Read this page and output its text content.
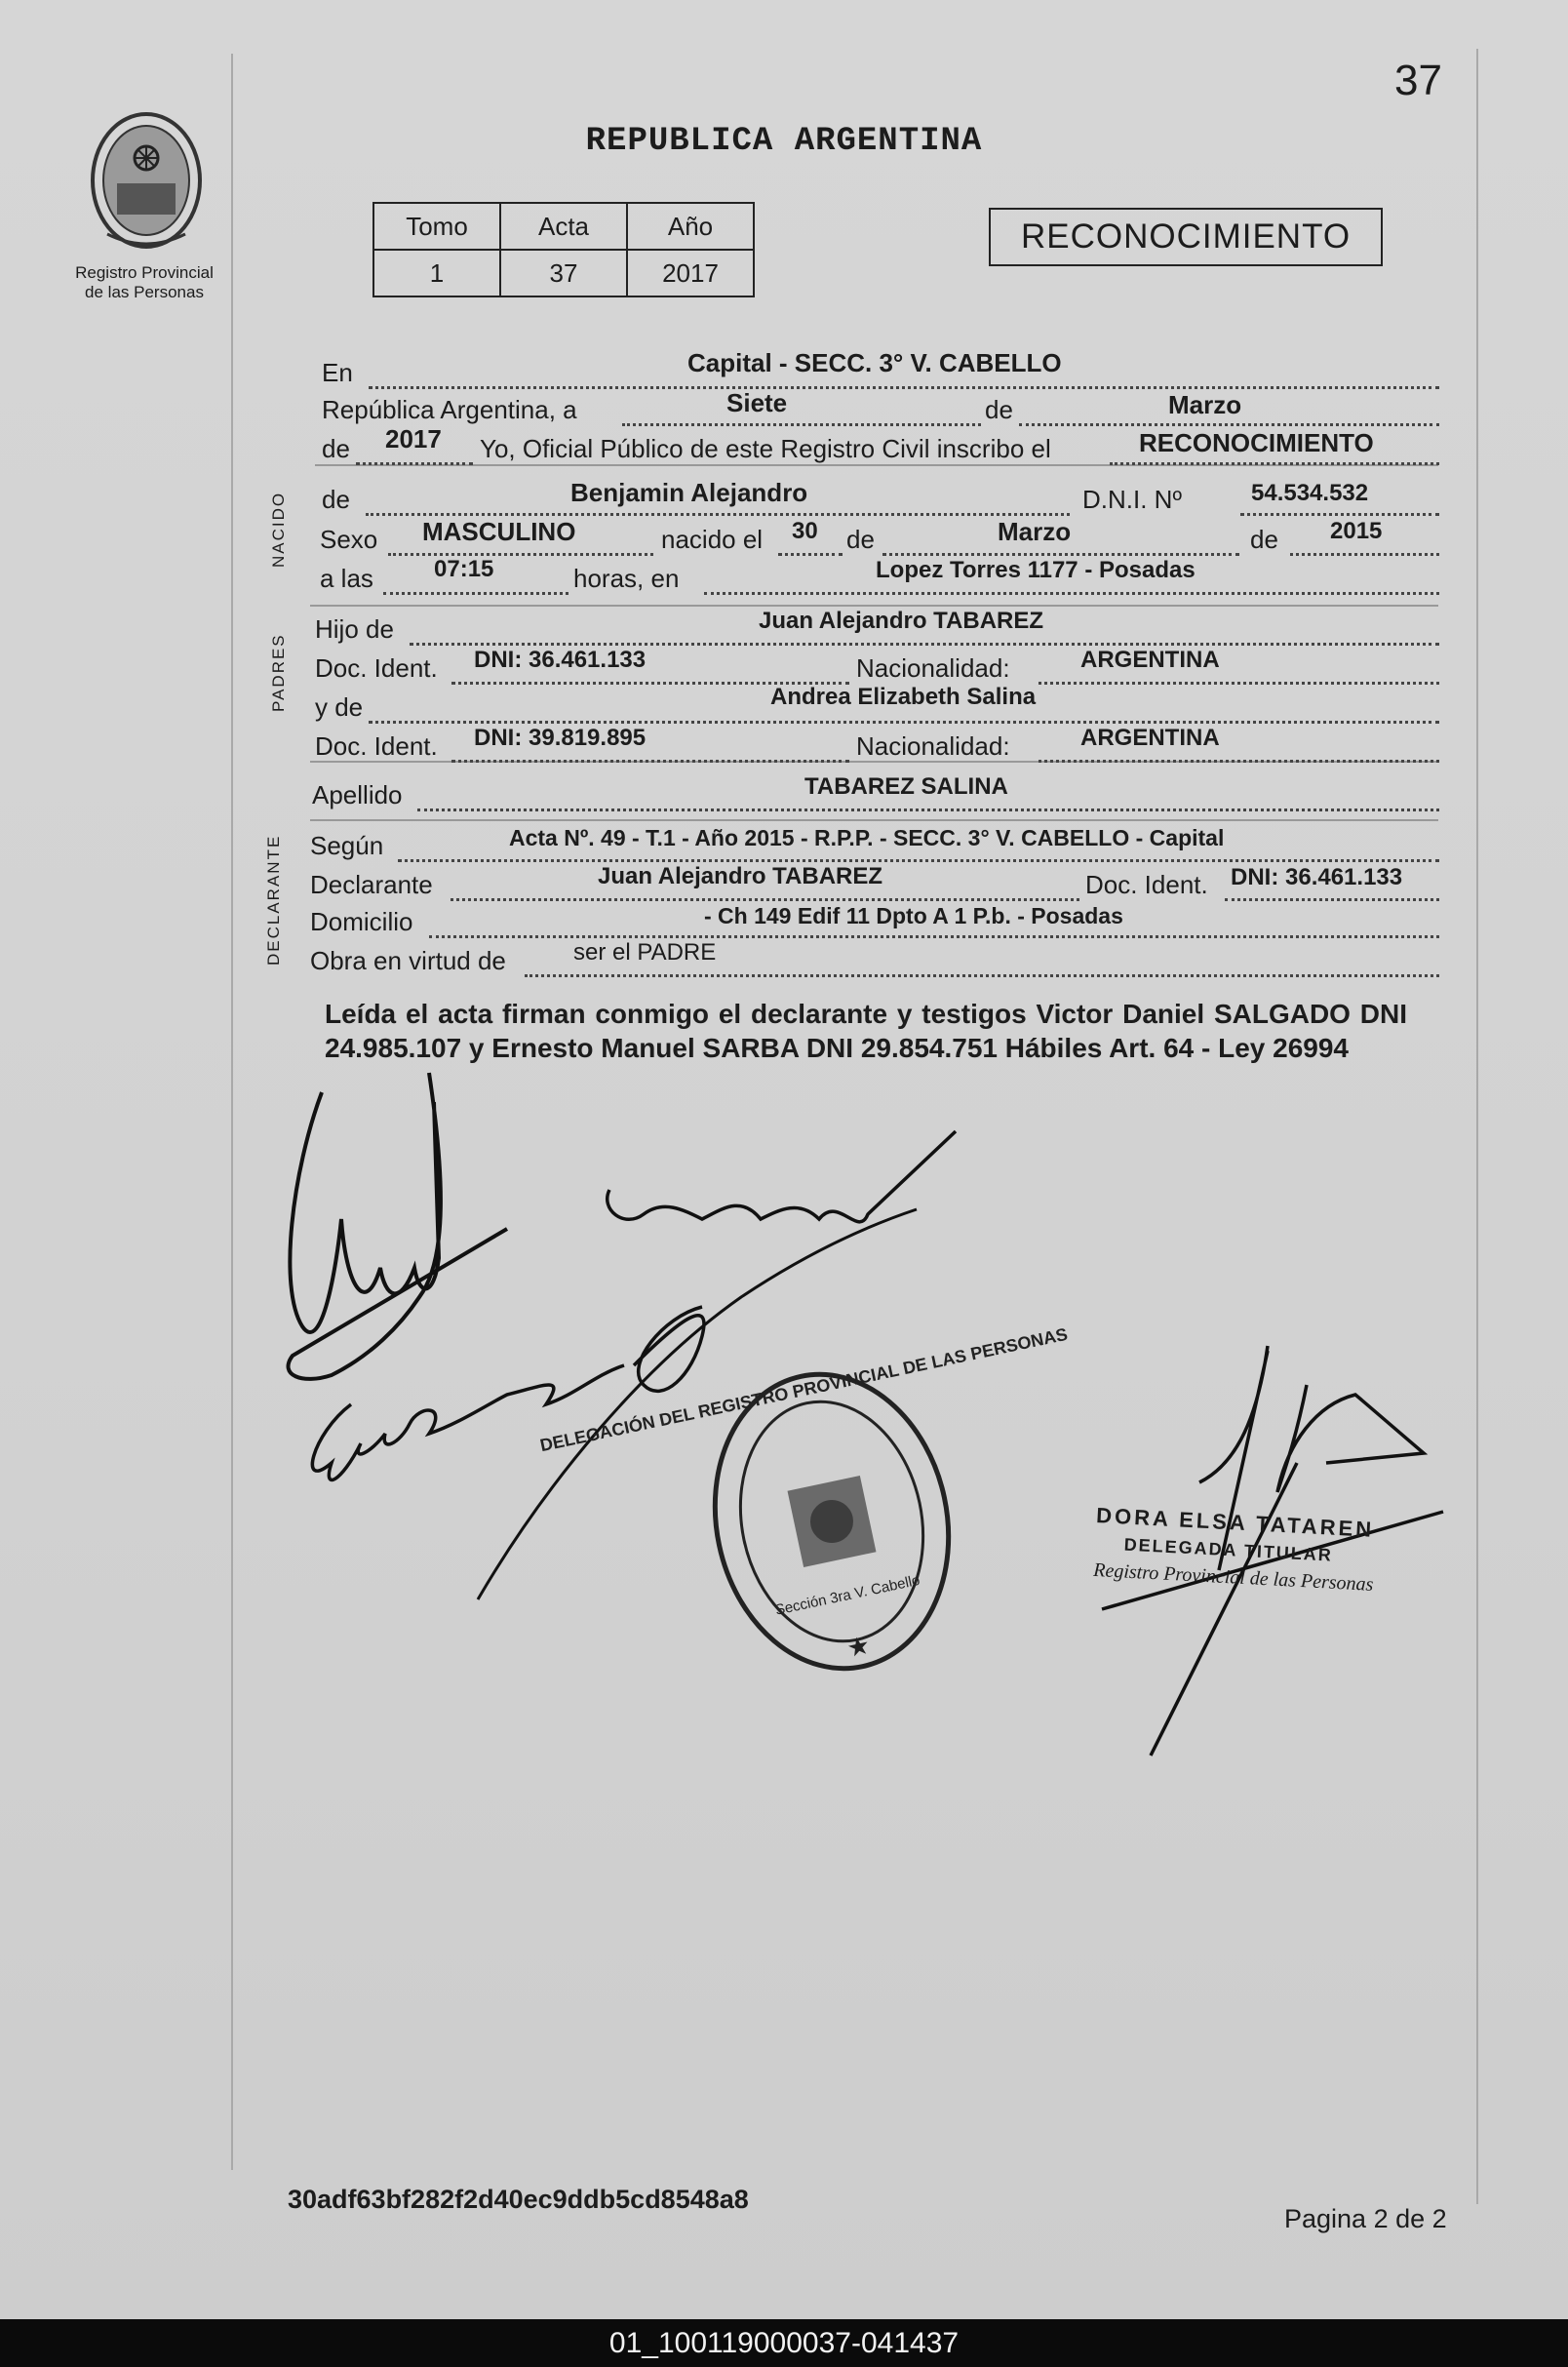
37
Registro Provincial
de las Personas
REPUBLICA ARGENTINA
Tomo	Acta	Año
1	37	2017
RECONOCIMIENTO
NACIDO
PADRES
DECLARANTE
En	Capital - SECC. 3° V. CABELLO
República Argentina, a	Siete	de	Marzo
de 2017 Yo, Oficial Público de este Registro Civil inscribo el	RECONOCIMIENTO
de	Benjamin Alejandro	D.N.I. Nº	54.534.532
Sexo MASCULINO	nacido el 30 de	Marzo	de 2015
a las	07:15	horas, en	Lopez Torres 1177 - Posadas
Hijo de	Juan Alejandro TABAREZ
Doc. Ident. DNI: 36.461.133	Nacionalidad:	ARGENTINA
y de	Andrea Elizabeth Salina
Doc. Ident. DNI: 39.819.895	Nacionalidad:	ARGENTINA
Apellido	TABAREZ SALINA
Según	Acta Nº. 49 - T.1 - Año 2015 - R.P.P. - SECC. 3° V. CABELLO - Capital
Declarante	Juan Alejandro TABAREZ	Doc. Ident. DNI: 36.461.133
Domicilio	- Ch 149 Edif 11 Dpto A 1 P.b. - Posadas
Obra en virtud de	ser el PADRE
Leída el acta firman conmigo el declarante y testigos Victor Daniel SALGADO DNI 24.985.107 y Ernesto Manuel SARBA DNI 29.854.751 Hábiles Art. 64 - Ley 26994
DELEGACIÓN DEL REGISTRO PROVINCIAL DE LAS PERSONAS
Sección 3ra V. Cabello
★
DORA ELSA TATAREN
DELEGADA TITULAR
Registro Provincial de las Personas
30adf63bf282f2d40ec9ddb5cd8548a8
Pagina 2 de 2
01_100119000037-041437
